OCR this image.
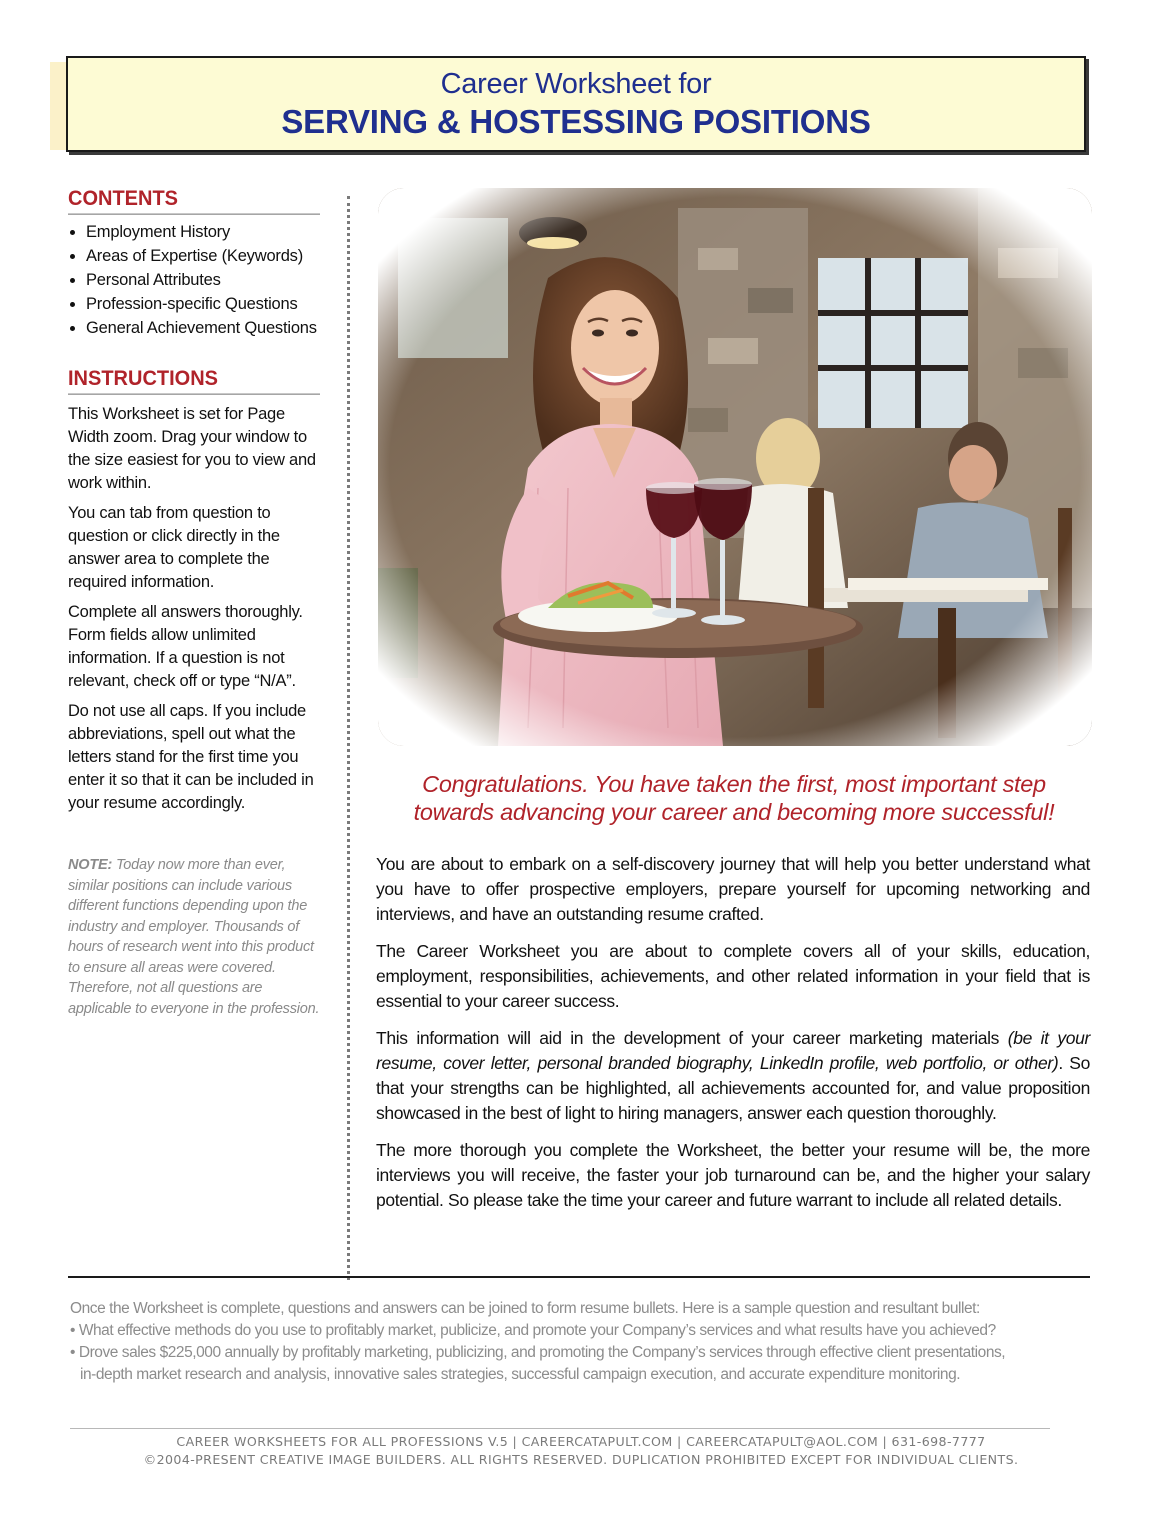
Career Worksheet for
SERVING & HOSTESSING POSITIONS
CONTENTS
Employment History
Areas of Expertise (Keywords)
Personal Attributes
Profession-specific Questions
General Achievement Questions
INSTRUCTIONS

This Worksheet is set for Page Width zoom. Drag your window to the size easiest for you to view and work within.

You can tab from question to question or click directly in the answer area to complete the required information.

Complete all answers thoroughly. Form fields allow unlimited information. If a question is not relevant, check off or type “N/A”.

Do not use all caps. If you include abbreviations, spell out what the letters stand for the first time you enter it so that it can be included in your resume accordingly.

NOTE: Today now more than ever, similar positions can include various different functions depending upon the industry and employer. Thousands of hours of research went into this product to ensure all areas were covered. Therefore, not all questions are applicable to everyone in the profession.
Congratulations. You have taken the first, most important step
towards advancing your career and becoming more successful!

You are about to embark on a self-discovery journey that will help you better understand what you have to offer prospective employers, prepare yourself for upcoming networking and interviews, and have an outstanding resume crafted.

The Career Worksheet you are about to complete covers all of your skills, education, employment, responsibilities, achievements, and other related information in your field that is essential to your career success.

This information will aid in the development of your career marketing materials (be it your resume, cover letter, personal branded biography, LinkedIn profile, web portfolio, or other). So that your strengths can be highlighted, all achievements accounted for, and value proposition showcased in the best of light to hiring managers, answer each question thoroughly.

The more thorough you complete the Worksheet, the better your resume will be, the more interviews you will receive, the faster your job turnaround can be, and the higher your salary potential. So please take the time your career and future warrant to include all related details.

Once the Worksheet is complete, questions and answers can be joined to form resume bullets. Here is a sample question and resultant bullet:
• What effective methods do you use to profitably market, publicize, and promote your Company’s services and what results have you achieved?
• Drove sales $225,000 annually by profitably marketing, publicizing, and promoting the Company’s services through effective client presentations,
in-depth market research and analysis, innovative sales strategies, successful campaign execution, and accurate expenditure monitoring.
CAREER WORKSHEETS FOR ALL PROFESSIONS V.5 | CAREERCATAPULT.COM | CAREERCATAPULT@AOL.COM | 631-698-7777
©2004-PRESENT CREATIVE IMAGE BUILDERS. ALL RIGHTS RESERVED. DUPLICATION PROHIBITED EXCEPT FOR INDIVIDUAL CLIENTS.
